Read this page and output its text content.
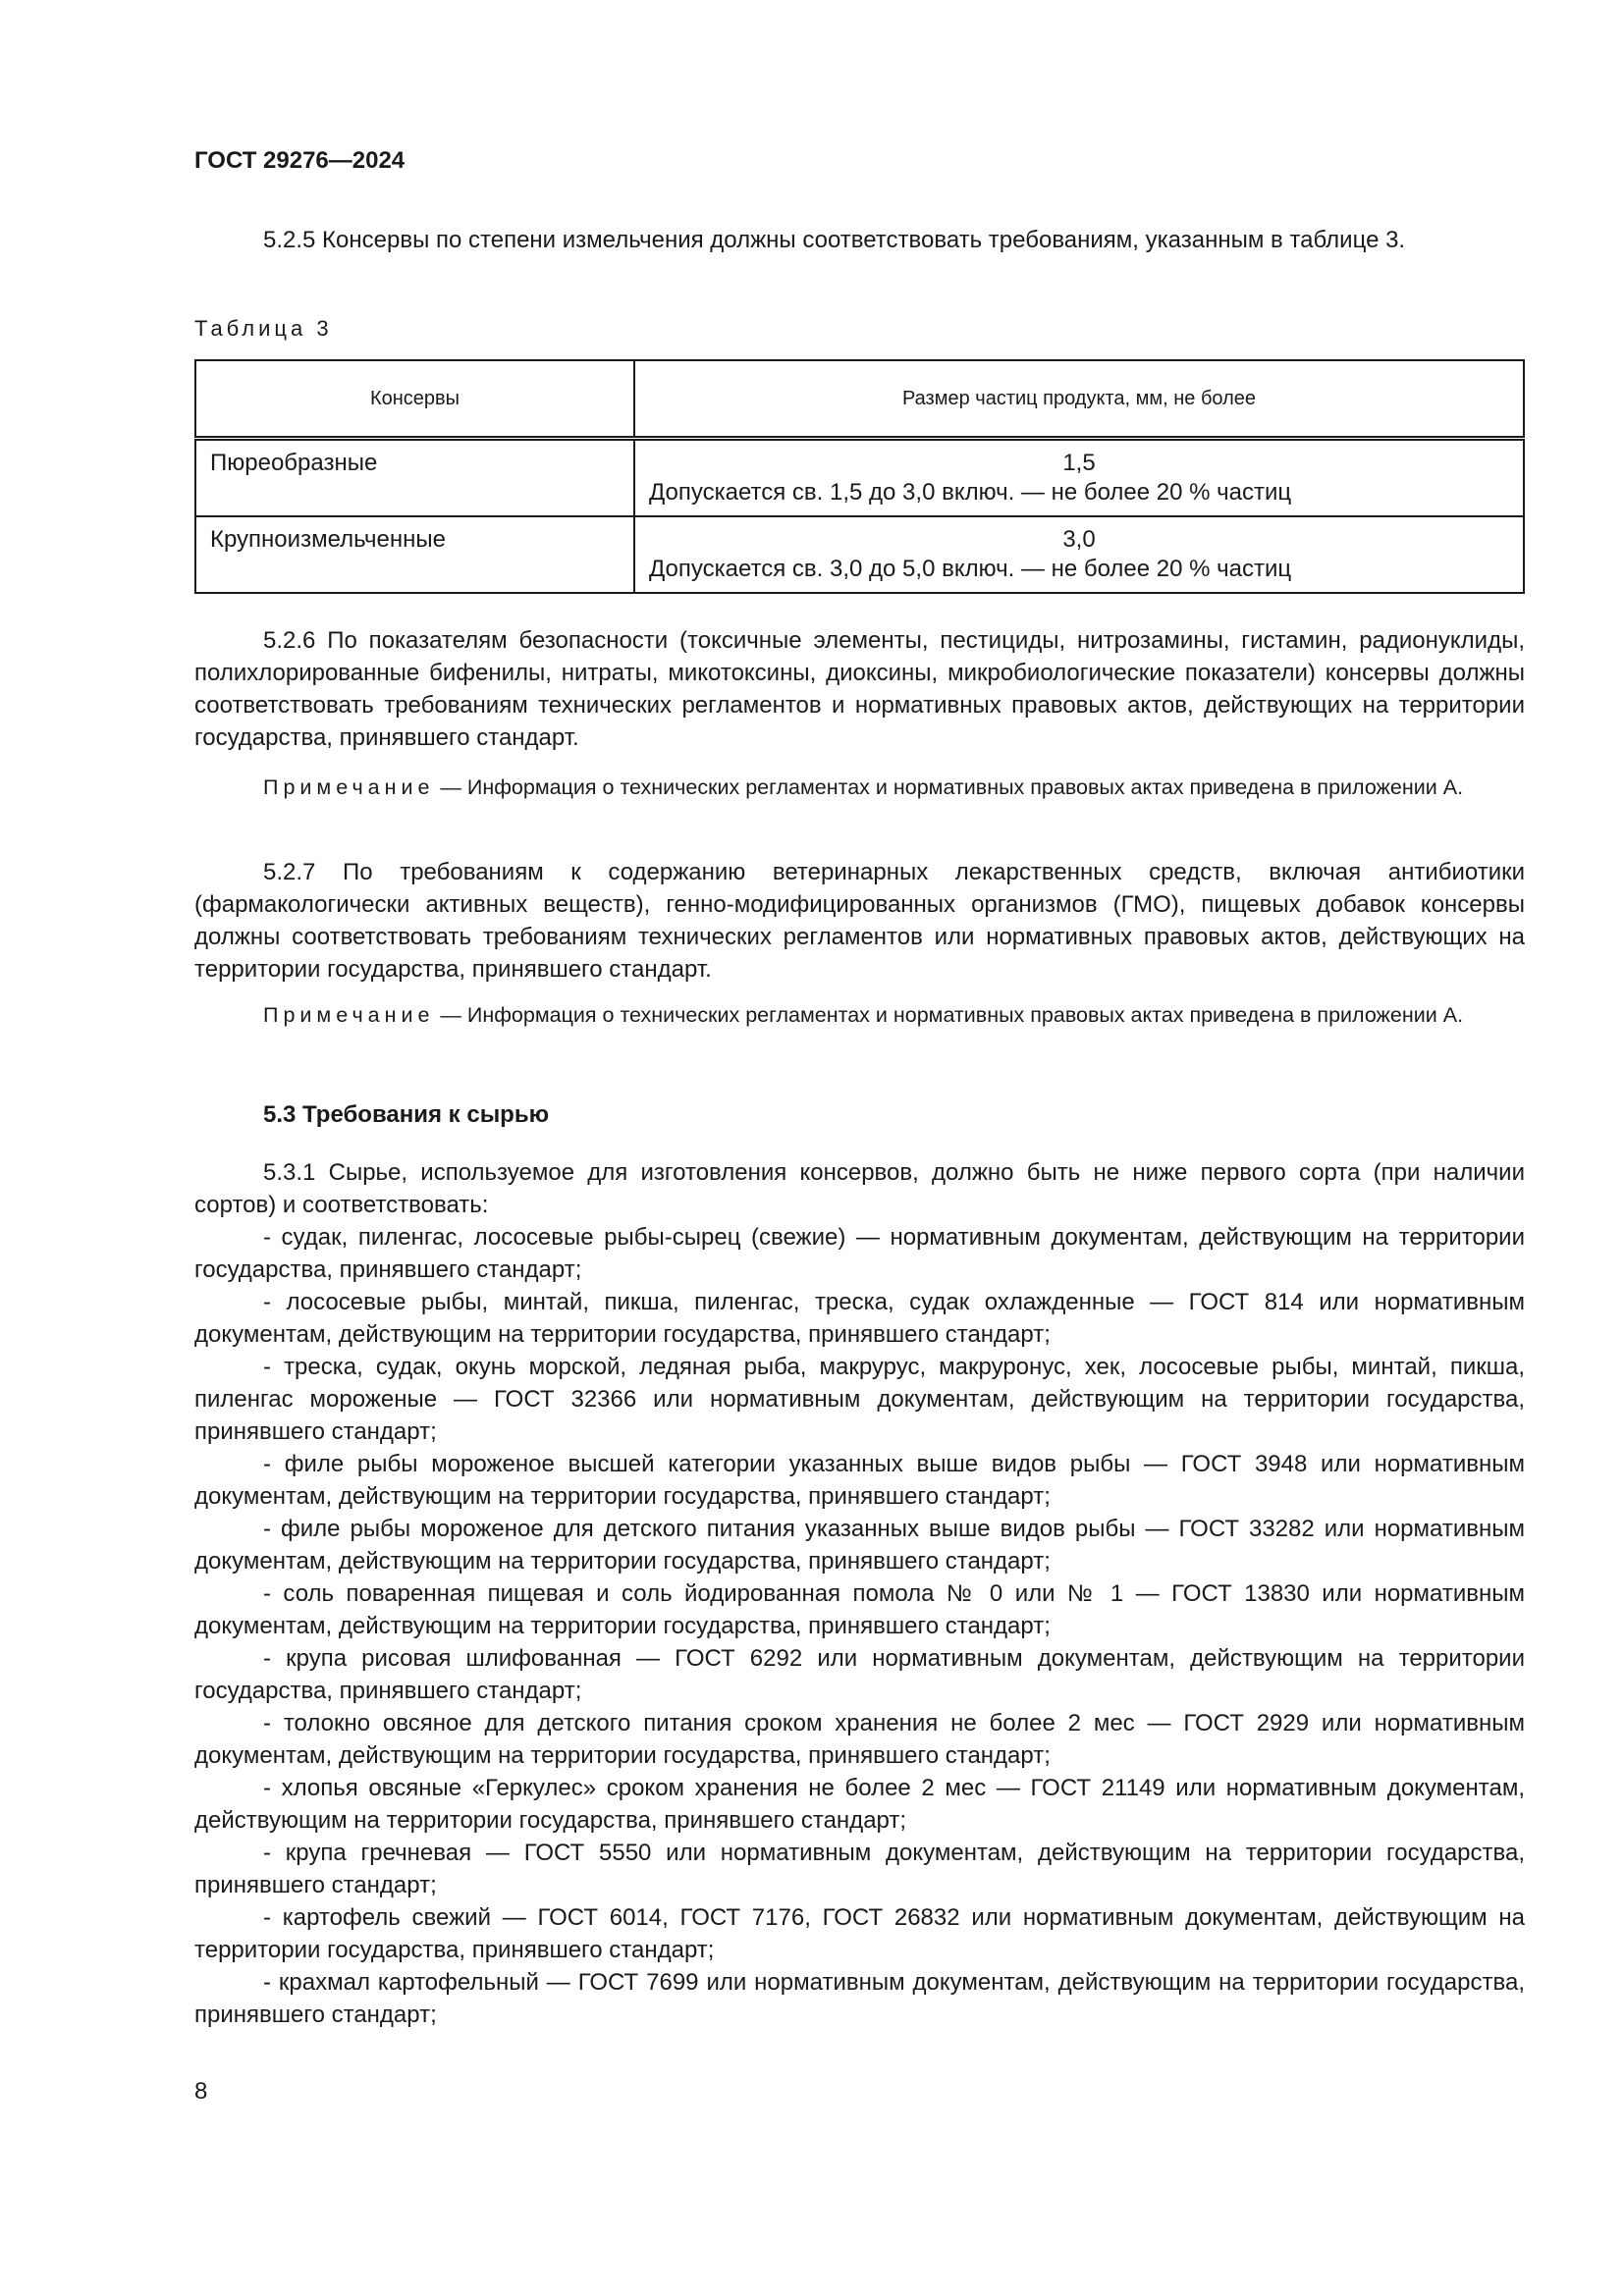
ГОСТ 29276—2024

5.2.5 Консервы по степени измельчения должны соответствовать требованиям, указанным в таблице 3.

Таблица 3

Консервы	Размер частиц продукта, мм, не более
Пюреобразные	1,5
Допускается св. 1,5 до 3,0 включ. — не более 20 % частиц

Крупноизмельченные	3,0
Допускается св. 3,0 до 5,0 включ. — не более 20 % частиц

5.2.6 По показателям безопасности (токсичные элементы, пестициды, нитрозамины, гистамин, радионуклиды, полихлорированные бифенилы, нитраты, микотоксины, диоксины, микробиологические показатели) консервы должны соответствовать требованиям технических регламентов и нормативных правовых актов, действующих на территории государства, принявшего стандарт.

Примечание — Информация о технических регламентах и нормативных правовых актах приведена в приложении А.

5.2.7 По требованиям к содержанию ветеринарных лекарственных средств, включая антибиотики (фармакологически активных веществ), генно-модифицированных организмов (ГМО), пищевых добавок консервы должны соответствовать требованиям технических регламентов или нормативных правовых актов, действующих на территории государства, принявшего стандарт.

Примечание — Информация о технических регламентах и нормативных правовых актах приведена в приложении А.

5.3 Требования к сырью

5.3.1 Сырье, используемое для изготовления консервов, должно быть не ниже первого сорта (при наличии сортов) и соответствовать:

- судак, пиленгас, лососевые рыбы-сырец (свежие) — нормативным документам, действующим на территории государства, принявшего стандарт;

- лососевые рыбы, минтай, пикша, пиленгас, треска, судак охлажденные — ГОСТ 814 или нормативным документам, действующим на территории государства, принявшего стандарт;

- треска, судак, окунь морской, ледяная рыба, макрурус, макруронус, хек, лососевые рыбы, минтай, пикша, пиленгас мороженые — ГОСТ 32366 или нормативным документам, действующим на территории государства, принявшего стандарт;

- филе рыбы мороженое высшей категории указанных выше видов рыбы — ГОСТ 3948 или нормативным документам, действующим на территории государства, принявшего стандарт;

- филе рыбы мороженое для детского питания указанных выше видов рыбы — ГОСТ 33282 или нормативным документам, действующим на территории государства, принявшего стандарт;

- соль поваренная пищевая и соль йодированная помола № 0 или № 1 — ГОСТ 13830 или нормативным документам, действующим на территории государства, принявшего стандарт;

- крупа рисовая шлифованная — ГОСТ 6292 или нормативным документам, действующим на территории государства, принявшего стандарт;

- толокно овсяное для детского питания сроком хранения не более 2 мес — ГОСТ 2929 или нормативным документам, действующим на территории государства, принявшего стандарт;

- хлопья овсяные «Геркулес» сроком хранения не более 2 мес — ГОСТ 21149 или нормативным документам, действующим на территории государства, принявшего стандарт;

- крупа гречневая — ГОСТ 5550 или нормативным документам, действующим на территории государства, принявшего стандарт;

- картофель свежий — ГОСТ 6014, ГОСТ 7176, ГОСТ 26832 или нормативным документам, действующим на территории государства, принявшего стандарт;

- крахмал картофельный — ГОСТ 7699 или нормативным документам, действующим на территории государства, принявшего стандарт;

8
